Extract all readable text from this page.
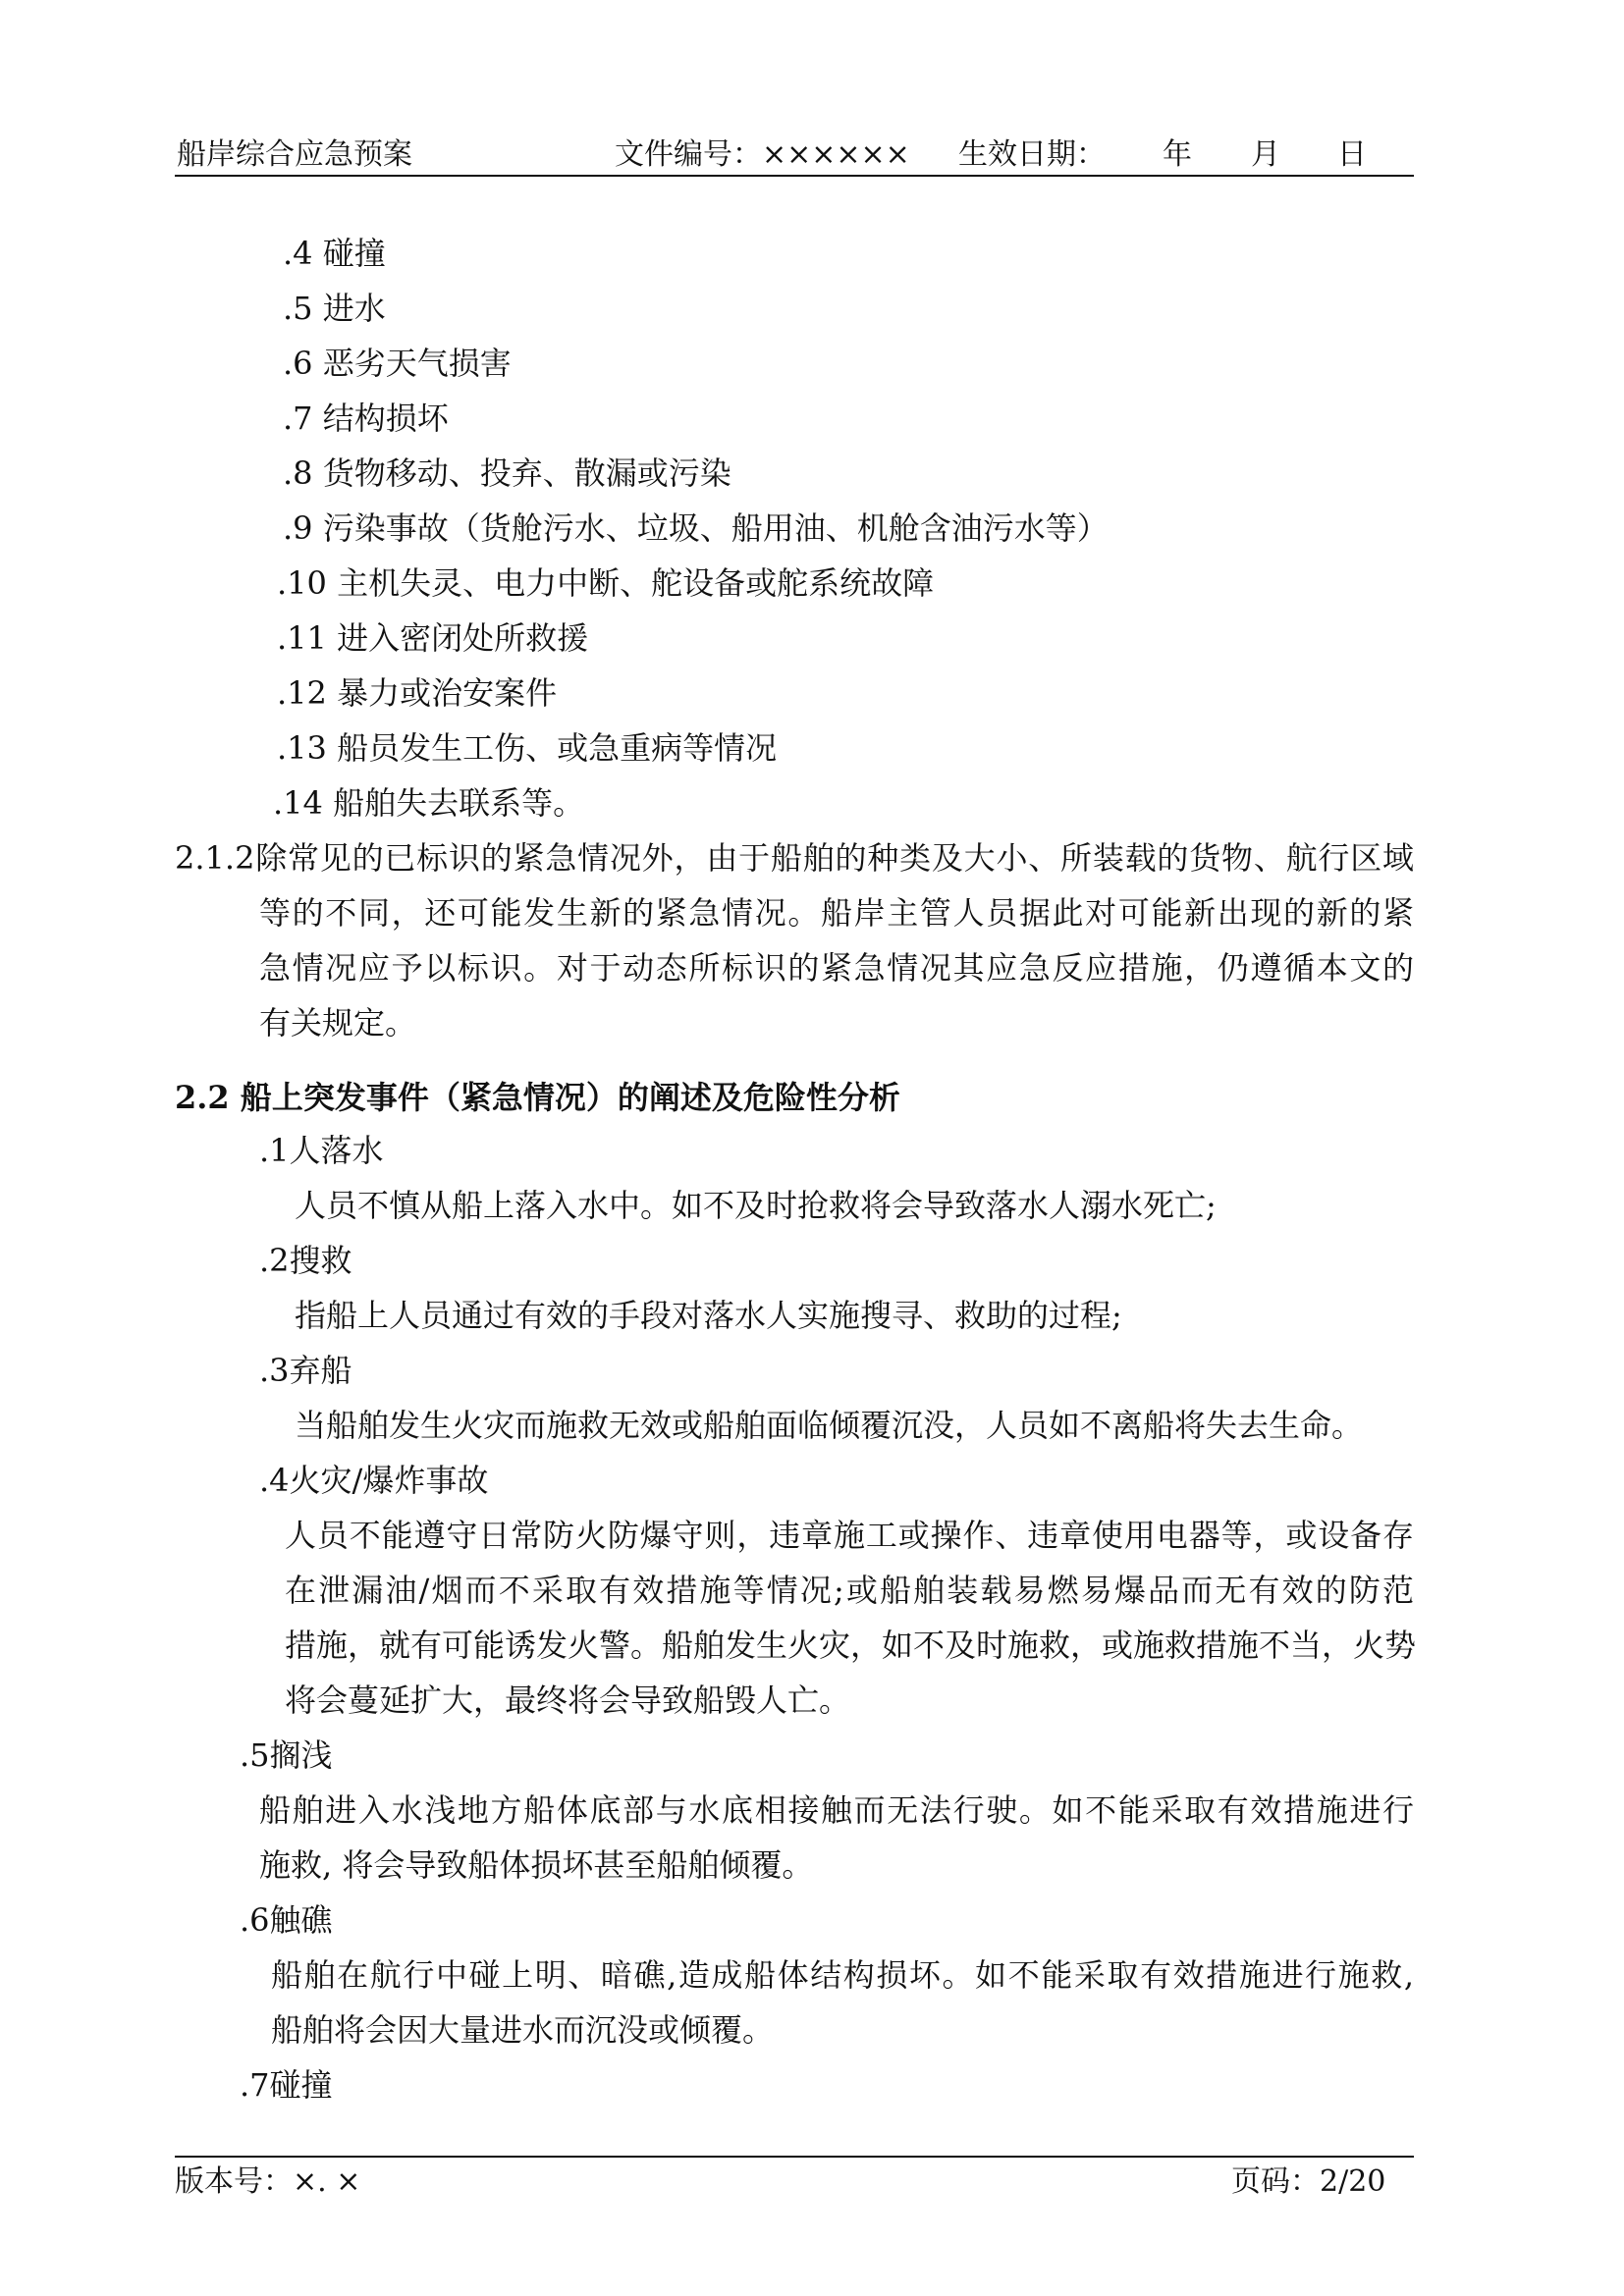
船岸综合应急预案	文件编号：×××××× 生效日期： 年 月 日
.4 碰撞
.5 进水
.6 恶劣天气损害
.7 结构损坏
.8 货物移动、投弃、散漏或污染
.9 污染事故（货舱污水、垃圾、船用油、机舱含油污水等）
.10 主机失灵、电力中断、舵设备或舵系统故障
.11 进入密闭处所救援
.12 暴力或治安案件
.13 船员发生工伤、或急重病等情况
.14 船舶失去联系等。
2.1.2除常见的已标识的紧急情况外，由于船舶的种类及大小、所装载的货物、航行区域
等的不同，还可能发生新的紧急情况。船岸主管人员据此对可能新出现的新的紧
急情况应予以标识。对于动态所标识的紧急情况其应急反应措施，仍遵循本文的
有关规定。
2.2 船上突发事件（紧急情况）的阐述及危险性分析
.1人落水
人员不慎从船上落入水中。如不及时抢救将会导致落水人溺水死亡;
.2搜救
指船上人员通过有效的手段对落水人实施搜寻、救助的过程;
.3弃船
当船舶发生火灾而施救无效或船舶面临倾覆沉没，人员如不离船将失去生命。
.4火灾/爆炸事故
人员不能遵守日常防火防爆守则，违章施工或操作、违章使用电器等，或设备存
在泄漏油/烟而不采取有效措施等情况;或船舶装载易燃易爆品而无有效的防范
措施，就有可能诱发火警。船舶发生火灾，如不及时施救，或施救措施不当，火势
将会蔓延扩大，最终将会导致船毁人亡。
.5搁浅
船舶进入水浅地方船体底部与水底相接触而无法行驶。如不能采取有效措施进行
施救, 将会导致船体损坏甚至船舶倾覆。
.6触礁
船舶在航行中碰上明、暗礁,造成船体结构损坏。如不能采取有效措施进行施救,
船舶将会因大量进水而沉没或倾覆。
.7碰撞
版本号：×. ×	页码：2/20
